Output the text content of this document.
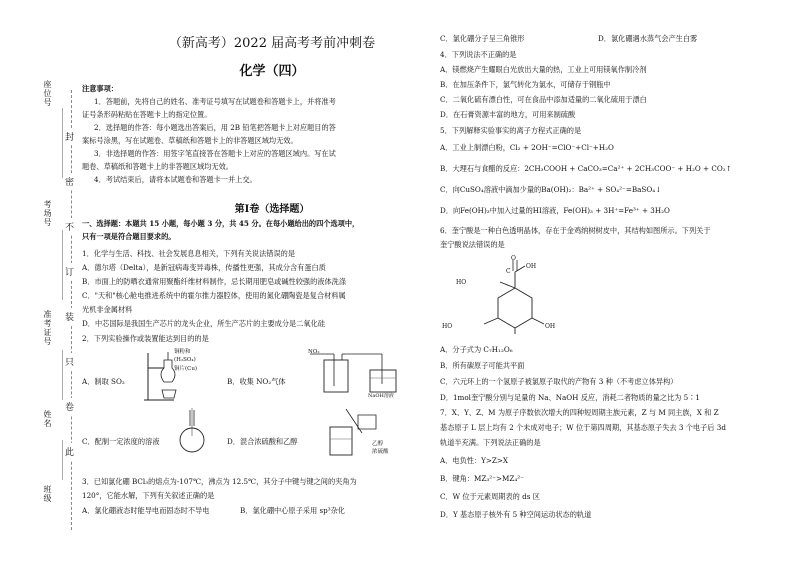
座位号
考场号
准考证号
姓名
班级
封
密
不
订
装
只
卷
此
（新高考）2022 届高考考前冲刺卷
化学（四）
注意事项：
1．答题前，先将自己的姓名、准考证号填写在试题卷和答题卡上，并将准考
证号条形码粘贴在答题卡上的指定位置。
2．选择题的作答：每小题选出答案后，用 2B 铅笔把答题卡上对应题目的答
案标号涂黑，写在试题卷、草稿纸和答题卡上的非答题区域均无效。
3．非选择题的作答：用签字笔直接答在答题卡上对应的答题区域内。写在试
题卷、草稿纸和答题卡上的非答题区域均无效。
4．考试结束后，请将本试题卷和答题卡一并上交。
第Ⅰ卷（选择题）
一、选择题：本题共 15 小题，每小题 3 分，共 45 分。在每小题给出的四个选项中，
只有一项是符合题目要求的。
1．化学与生活、科技、社会发展息息相关，下列有关说法错误的是
A．德尔塔（Delta），是新冠病毒变异毒株，传播性更强，其成分含有蛋白质
B．市面上的防晒衣通常用聚酯纤维材料制作，忌长期用肥皂或碱性较强的液体洗涤
C．"天和"核心舱电推进系统中的霍尔推力器腔体，使用的氮化硼陶瓷是复合材料属
光机非金属材料
D．中芯国际是我国生产芯片的龙头企业，所生产芯片的主要成分是二氧化硅
2．下列实验操作或装置能达到目的的是
A．制取 SO₂
铜粉和
(H₂SO₄)
铜片(Cu)
B．收集 NO₂气体
NO₂
NaOH溶液
C．配制一定浓度的溶液	D．混合浓硫酸和乙醇	乙醇
浓硫酸
3．已知氯化硼 BCl₃的熔点为-107℃，沸点为 12.5℃，其分子中键与键之间的夹角为
120°，它能水解，下列有关叙述正确的是
A．氯化硼液态时能导电而固态时不导电	B．氯化硼中心原子采用 sp³杂化
C．氯化硼分子呈三角锥形	D．氯化硼遇水蒸气会产生白雾
4．下列说法不正确的是
A．镁燃烧产生耀眼白光放出大量的热，工业上可用镁氧作制冷剂
B．在加压条件下，氯气转化为氯水，可储存于钢瓶中
C．二氧化硫有漂白性，可在食品中添加适量的二氧化硫用于漂白
D．在石膏资源丰富的地方，可用来制硫酸
5．下列解释实验事实的离子方程式正确的是
A．工业上制漂白粉，Cl₂ + 2OH⁻=ClO⁻+Cl⁻+H₂O
B．大理石与食醋的反应：2CH₃COOH + CaCO₃=Ca²⁺ + 2CH₃COO⁻ + H₂O + CO₂↑
C．向CuSO₄溶液中滴加少量的Ba(OH)₂：Ba²⁺ + SO₄²⁻=BaSO₄↓
D．向Fe(OH)₃中加入过量的HI溶液，Fe(OH)₃ + 3H⁺=Fe³⁺ + 3H₂O
6．奎宁酸是一种白色透明晶体，存在于金鸡纳树树皮中，其结构如图所示。下列关于
奎宁酸说法错误的是
O
C
OH
HO
HO	OH
A．分子式为 C₇H₁₂O₆
B．所有碳原子可能共平面
C．六元环上的一个氢原子被氯原子取代的产物有 3 种（不考虑立体异构）
D．1mol奎宁酸分别与足量的 Na、NaOH 反应，消耗二者物质的量之比为 5∶1
7．X、Y、Z、M 为原子序数依次增大的四种短周期主族元素，Z 与 M 同主族，X 和 Z
基态原子 L 层上均有 2 个未成对电子；W 位于第四周期，其基态原子失去 3 个电子后 3d
轨道半充满。下列说法正确的是
A．电负性：Y>Z>X
B．键角：MZ₃²⁻>MZ₄²⁻
C．W 位于元素周期表的 ds 区
D．Y 基态原子核外有 5 种空间运动状态的轨道
